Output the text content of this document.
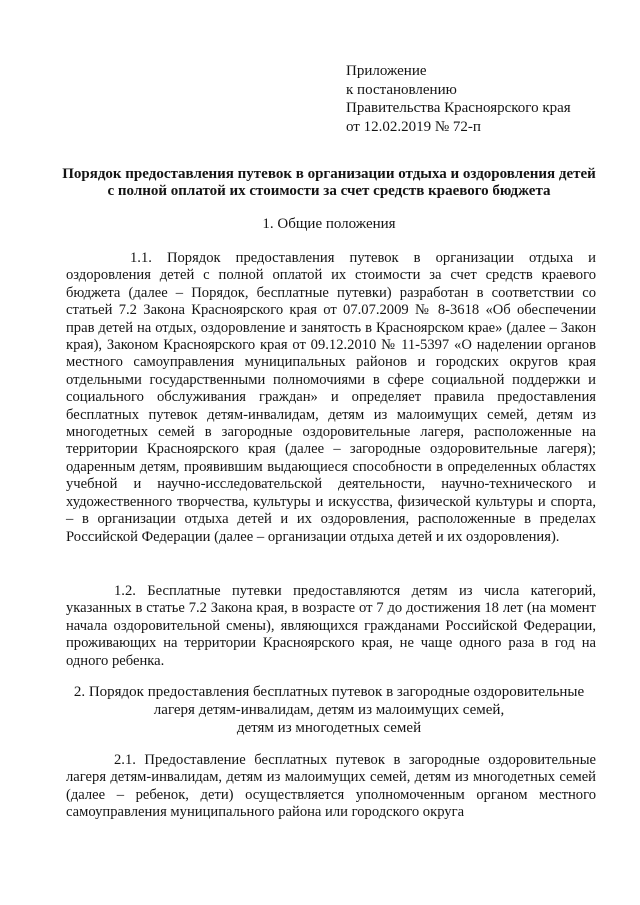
Приложение
к постановлению
Правительства Красноярского края
от 12.02.2019 № 72-п
Порядок предоставления путевок в организации отдыха и оздоровления детей с полной оплатой их стоимости за счет средств краевого бюджета
1. Общие положения
1.1. Порядок предоставления путевок в организации отдыха и оздоровления детей с полной оплатой их стоимости за счет средств краевого бюджета (далее – Порядок, бесплатные путевки) разработан в соответствии со статьей 7.2 Закона Красноярского края от 07.07.2009 № 8-3618 «Об обеспечении прав детей на отдых, оздоровление и занятость в Красноярском крае» (далее – Закон края), Законом Красноярского края от 09.12.2010 № 11-5397 «О наделении органов местного самоуправления муниципальных районов и городских округов края отдельными государственными полномочиями в сфере социальной поддержки и социального обслуживания граждан» и определяет правила предоставления бесплатных путевок детям-инвалидам, детям из малоимущих семей, детям из многодетных семей в загородные оздоровительные лагеря, расположенные на территории Красноярского края (далее – загородные оздоровительные лагеря); одаренным детям, проявившим выдающиеся способности в определенных областях учебной и научно-исследовательской деятельности, научно-технического и художественного творчества, культуры и искусства, физической культуры и спорта, – в организации отдыха детей и их оздоровления, расположенные в пределах Российской Федерации (далее – организации отдыха детей и их оздоровления).
1.2. Бесплатные путевки предоставляются детям из числа категорий, указанных в статье 7.2 Закона края, в возрасте от 7 до достижения 18 лет (на момент начала оздоровительной смены), являющихся гражданами Российской Федерации, проживающих на территории Красноярского края, не чаще одного раза в год на одного ребенка.
2. Порядок предоставления бесплатных путевок в загородные оздоровительные
лагеря детям-инвалидам, детям из малоимущих семей,
детям из многодетных семей
2.1. Предоставление бесплатных путевок в загородные оздоровительные лагеря детям-инвалидам, детям из малоимущих семей, детям из многодетных семей (далее – ребенок, дети) осуществляется уполномоченным органом местного самоуправления муниципального района или городского округа
